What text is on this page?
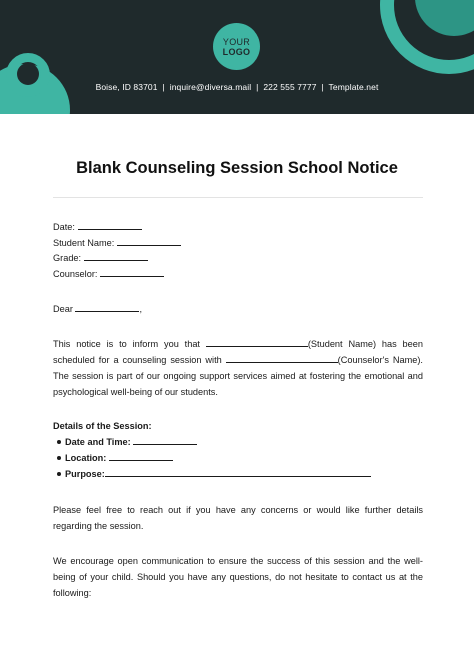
YOUR
LOGO
Boise, ID 83701  |  inquire@diversa.mail  |  222 555 7777  |  Template.net
Blank Counseling Session School Notice
Date:
Student Name:
Grade:
Counselor:
Dear	,
This notice is to inform you that	(Student Name) has been scheduled for a counseling session with	(Counselor's Name). The session is part of our ongoing support services aimed at fostering the emotional and psychological well-being of our students.
Details of the Session:
Date and Time:
Location:
Purpose:
Please feel free to reach out if you have any concerns or would like further details regarding the session.
We encourage open communication to ensure the success of this session and the well-being of your child. Should you have any questions, do not hesitate to contact us at the following:
